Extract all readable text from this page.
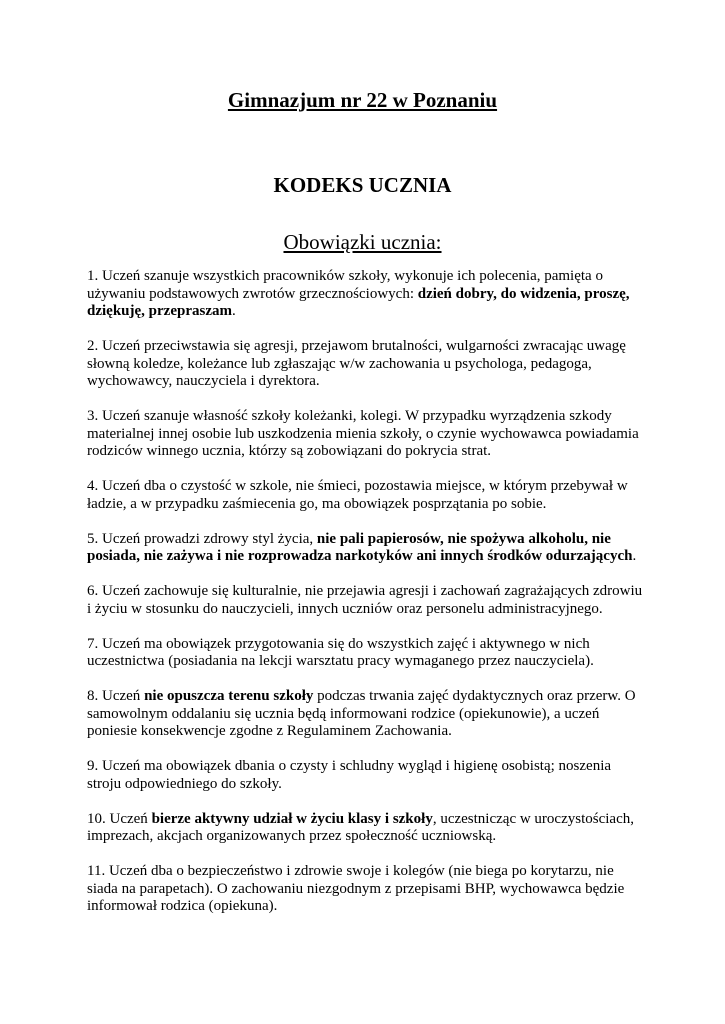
Gimnazjum nr 22 w Poznaniu
KODEKS UCZNIA
Obowiązki ucznia:

1. Uczeń szanuje wszystkich pracowników szkoły, wykonuje ich polecenia, pamięta o używaniu podstawowych zwrotów grzecznościowych: dzień dobry, do widzenia, proszę, dziękuję, przepraszam.

2. Uczeń przeciwstawia się agresji, przejawom brutalności, wulgarności zwracając uwagę słowną koledze, koleżance lub zgłaszając w/w zachowania u psychologa, pedagoga, wychowawcy, nauczyciela i dyrektora.

3. Uczeń szanuje własność szkoły koleżanki, kolegi. W przypadku wyrządzenia szkody materialnej innej osobie lub uszkodzenia mienia szkoły, o czynie wychowawca powiadamia rodziców winnego ucznia, którzy są zobowiązani do pokrycia strat.

4. Uczeń dba o czystość w szkole, nie śmieci, pozostawia miejsce, w którym przebywał w ładzie, a w przypadku zaśmiecenia go, ma obowiązek posprzątania po sobie.

5. Uczeń prowadzi zdrowy styl życia, nie pali papierosów, nie spożywa alkoholu, nie posiada, nie zażywa i nie rozprowadza narkotyków ani innych środków odurzających.

6. Uczeń zachowuje się kulturalnie, nie przejawia agresji i zachowań zagrażających zdrowiu i życiu w stosunku do nauczycieli, innych uczniów oraz personelu administracyjnego.

7. Uczeń ma obowiązek przygotowania się do wszystkich zajęć i aktywnego w nich uczestnictwa (posiadania na lekcji warsztatu pracy wymaganego przez nauczyciela).

8. Uczeń nie opuszcza terenu szkoły podczas trwania zajęć dydaktycznych oraz przerw. O samowolnym oddalaniu się ucznia będą informowani rodzice (opiekunowie), a uczeń poniesie konsekwencje zgodne z Regulaminem Zachowania.

9. Uczeń ma obowiązek dbania o czysty i schludny wygląd i higienę osobistą; noszenia stroju odpowiedniego do szkoły.

10. Uczeń bierze aktywny udział w życiu klasy i szkoły, uczestnicząc w uroczystościach, imprezach, akcjach organizowanych przez społeczność uczniowską.

11. Uczeń dba o bezpieczeństwo i zdrowie swoje i kolegów (nie biega po korytarzu, nie siada na parapetach). O zachowaniu niezgodnym z przepisami BHP, wychowawca będzie informował rodzica (opiekuna).
